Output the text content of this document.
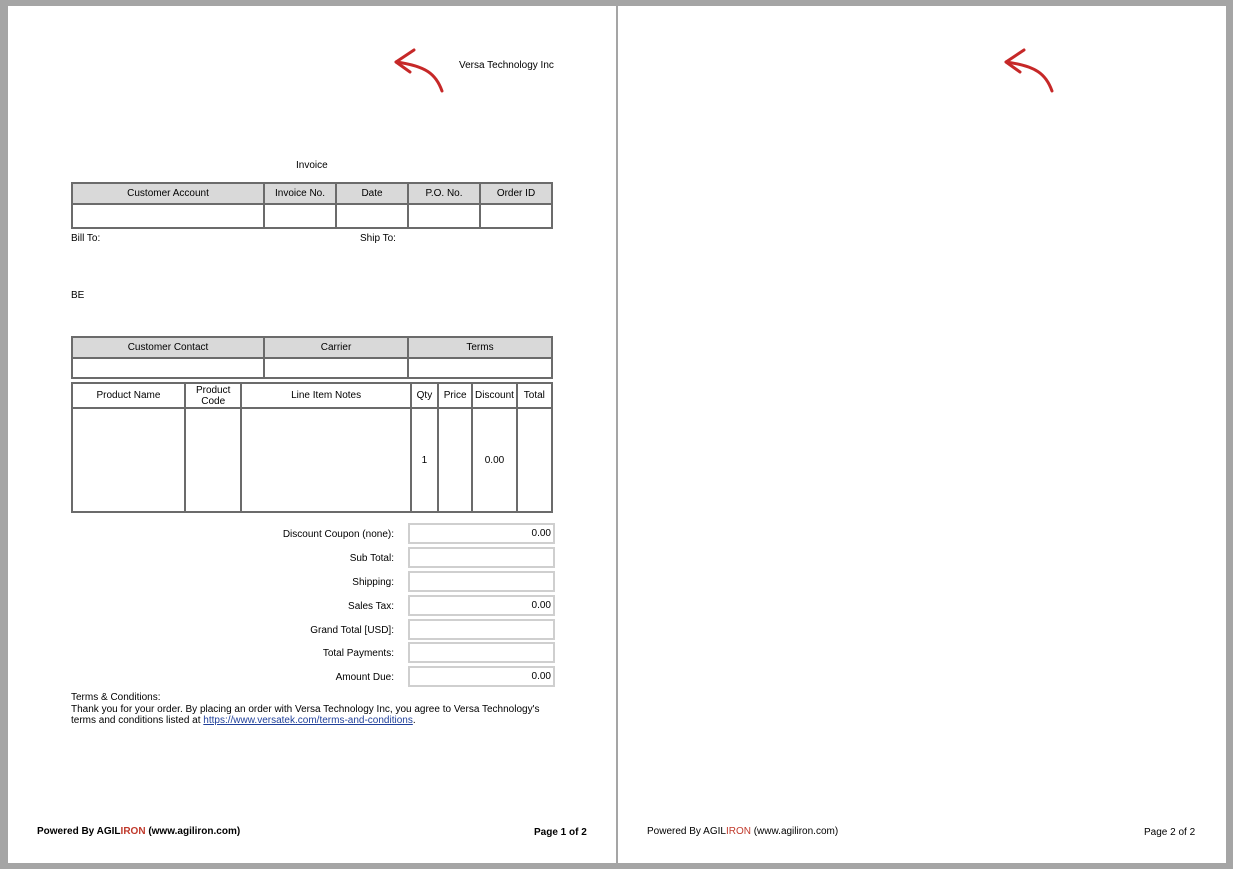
Versa Technology Inc
Invoice
Customer Account	Invoice No.	Date	P.O. No.	Order ID

Bill To:	Ship To:
BE
Customer Contact	Carrier	Terms

Product Name	Product Code	Line Item Notes	Qty	Price	Discount	Total
			1		0.00	
Discount Coupon (none):	0.00
Sub Total:
Shipping:
Sales Tax:	0.00
Grand Total [USD]:
Total Payments:
Amount Due:	0.00
Terms & Conditions:
Thank you for your order. By placing an order with Versa Technology Inc, you agree to Versa Technology's terms and conditions listed at https://www.versatek.com/terms-and-conditions.
Powered By AGILIRON (www.agiliron.com)	Page 1 of 2	Powered By AGILIRON (www.agiliron.com)	Page 2 of 2
